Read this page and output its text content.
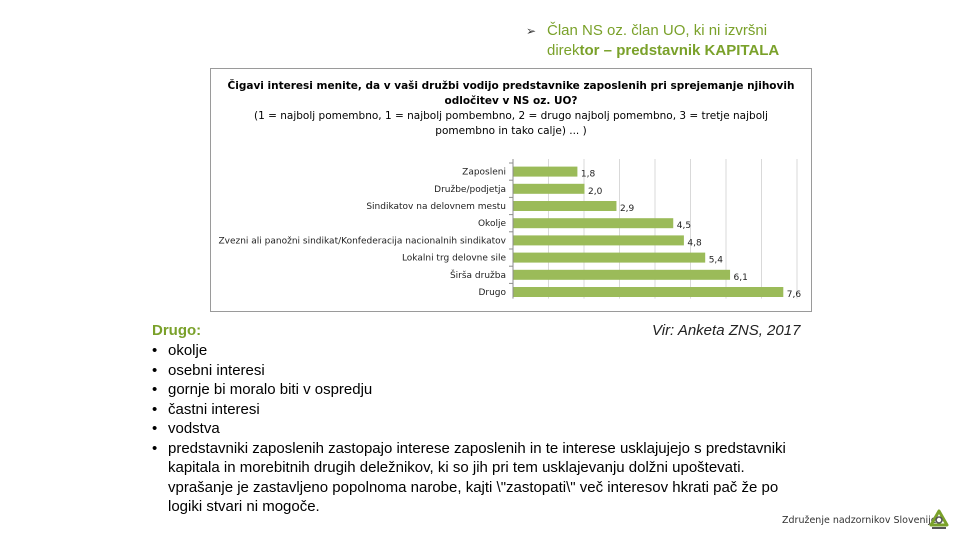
➢ Član NS oz. član UO, ki ni izvršni
direktor – predstavnik KAPITALA
Čigavi interesi menite, da v vaši družbi vodijo predstavnike zaposlenih pri sprejemanje njihovih
odločitev v NS oz. UO?
(1 = najbolj pomembno, 1 = najbolj pombembno, 2 = drugo najbolj pomembno, 3 = tretje najbolj
pomembno in tako calje) ... )
Zaposleni	1,8
Družbe/podjetja	2,0
Sindikatov na delovnem mestu	2,9
Okolje	4,5
Zvezni ali panožni sindikat/Konfederacija nacionalnih sindikatov	4,8
Lokalni trg delovne sile	5,4
Širša družba	6,1
Drugo	7,6
Vir: Anketa ZNS, 2017
Drugo:
• okolje
• osebni interesi
• gornje bi moralo biti v ospredju
• častni interesi
• vodstva
• predstavniki zaposlenih zastopajo interese zaposlenih in te interese usklajujejo s predstavniki kapitala in morebitnih drugih deležnikov, ki so jih pri tem usklajevanju dolžni upoštevati. vprašanje je zastavljeno popolnoma narobe, kajti \"zastopati\" več interesov hkrati pač že po logiki stvari ni mogoče.
Združenje nadzornikov Slovenije
